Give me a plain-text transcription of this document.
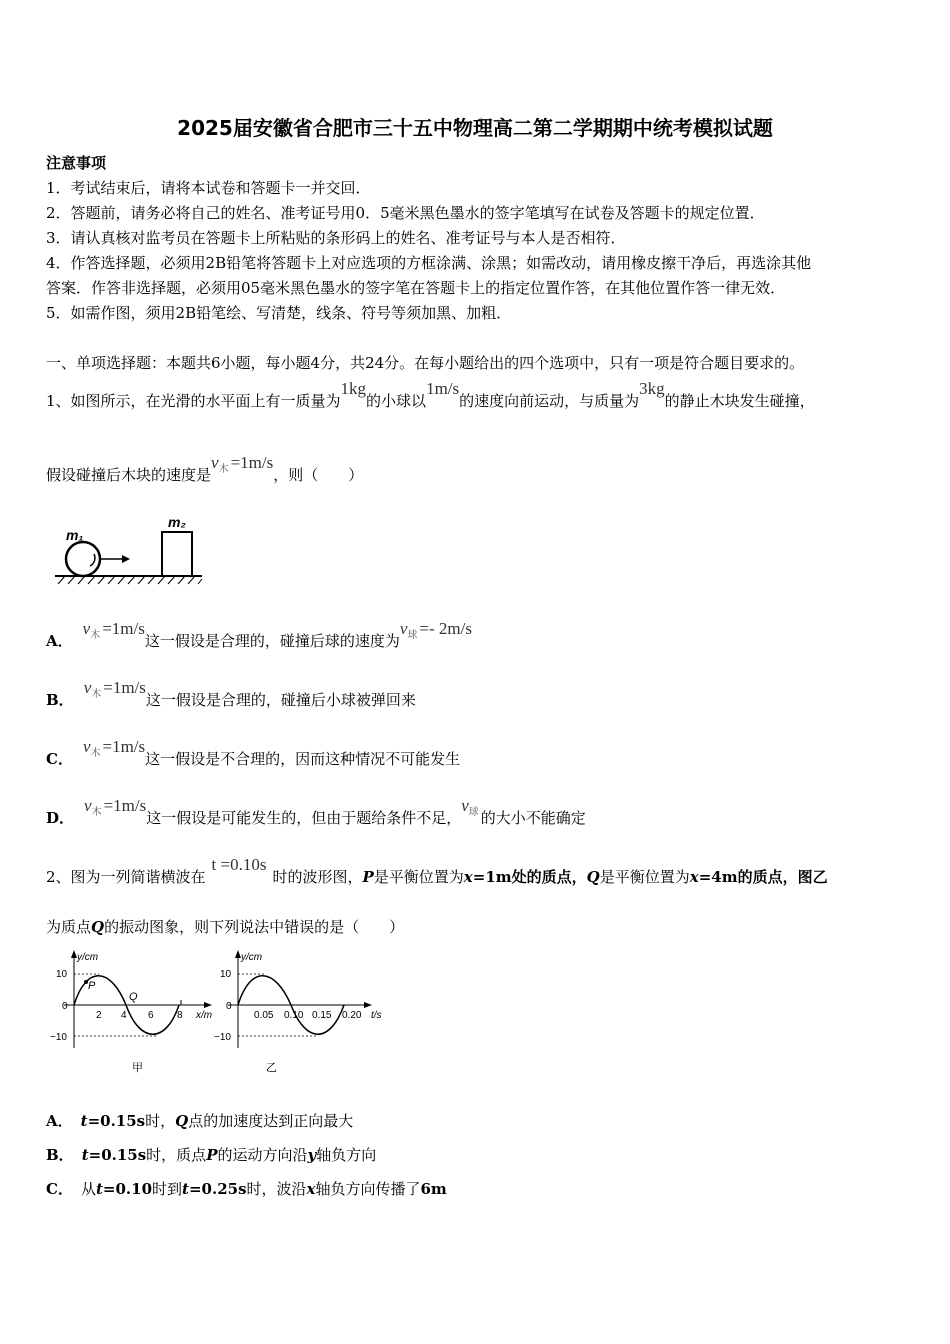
2025届安徽省合肥市三十五中物理高二第二学期期中统考模拟试题
注意事项
1．考试结束后，请将本试卷和答题卡一并交回．
2．答题前，请务必将自己的姓名、准考证号用0．5毫米黑色墨水的签字笔填写在试卷及答题卡的规定位置．
3．请认真核对监考员在答题卡上所粘贴的条形码上的姓名、准考证号与本人是否相符．
4．作答选择题，必须用2B铅笔将答题卡上对应选项的方框涂满、涂黑；如需改动，请用橡皮擦干净后，再选涂其他
答案．作答非选择题，必须用05毫米黑色墨水的签字笔在答题卡上的指定位置作答，在其他位置作答一律无效．
5．如需作图，须用2B铅笔绘、写清楚，线条、符号等须加黑、加粗．
一、单项选择题：本题共6小题，每小题4分，共24分。在每小题给出的四个选项中，只有一项是符合题目要求的。
1、如图所示，在光滑的水平面上有一质量为1kg的小球以1m/s的速度向前运动，与质量为3kg的静止木块发生碰撞，
假设碰撞后木块的速度是$v_木 =1m/s$，则（　　）
m₁
m₂
A．$v_木 =1m/s$这一假设是合理的，碰撞后球的速度为$v_球 =- 2m/s$
B．$v_木 =1m/s$这一假设是合理的，碰撞后小球被弹回来
C．$v_木 =1m/s$这一假设是不合理的，因而这种情况不可能发生
D．$v_木 =1m/s$这一假设是可能发生的，但由于题给条件不足，$v_球$ 的大小不能确定
2、图为一列简谐横波在t =0.10s时的波形图，P是平衡位置为x=1m处的质点，Q是平衡位置为x=4m的质点，图乙
为质点Q的振动图象，则下列说法中错误的是（　　）
y/cm
10
−10
0
2 4 6 8 x/m
P
Q
甲
y/cm
10
−10
0
0.05 0.10 0.15 0.20 t/s
乙
A． t=0.15s时，Q点的加速度达到正向最大
B． t=0.15s时，质点P的运动方向沿y轴负方向
C． 从t=0.10时到t=0.25s时，波沿x轴负方向传播了6m
